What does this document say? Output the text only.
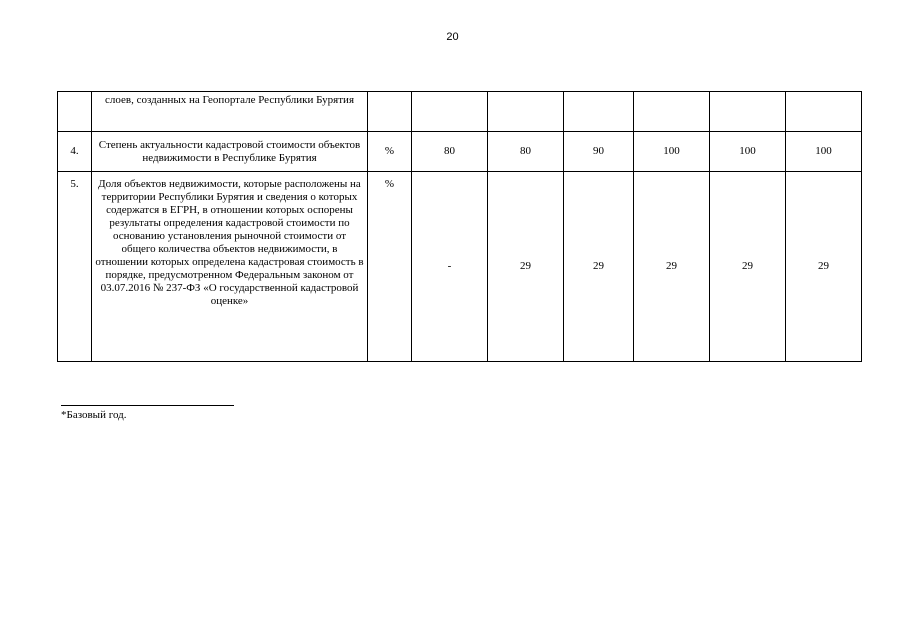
20
	слоев, созданных на Геопортале Республики Бурятия							
4.	Степень актуальности кадастровой стоимости объектов недвижимости в Республике Бурятия	%	80	80	90	100	100	100
5.	Доля объектов недвижимости, которые расположены на территории Республики Бурятия и сведения о которых содержатся в ЕГРН, в отношении которых оспорены результаты определения кадастровой стоимости по основанию установления рыночной стоимости от общего количества объектов недвижимости, в отношении которых определена кадастровая стоимость в порядке, предусмотренном Федеральным законом от 03.07.2016 № 237-ФЗ «О государственной кадастровой оценке»	%	-	29	29	29	29	29
*Базовый год.
